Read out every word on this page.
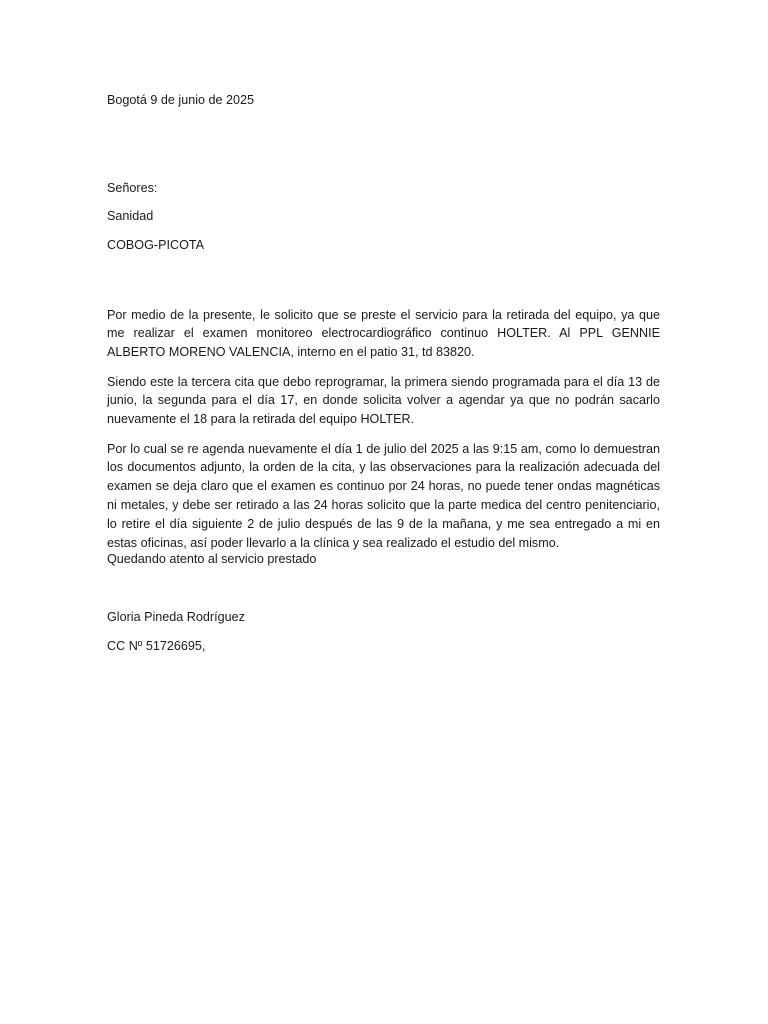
Bogotá 9 de junio de 2025
Señores:
Sanidad
COBOG-PICOTA

Por medio de la presente, le solicito que se preste el servicio para la retirada del equipo, ya que me realizar el examen monitoreo electrocardiográfico continuo HOLTER. Al PPL GENNIE ALBERTO MORENO VALENCIA, interno en el patio 31, td 83820.

Siendo este la tercera cita que debo reprogramar, la primera siendo programada para el día 13 de junio, la segunda para el día 17, en donde solicita volver a agendar ya que no podrán sacarlo nuevamente el 18 para la retirada del equipo HOLTER.

Por lo cual se re agenda nuevamente el día 1 de julio del 2025 a las 9:15 am, como lo demuestran los documentos adjunto, la orden de la cita, y las observaciones para la realización adecuada del examen se deja claro que el examen es continuo por 24 horas, no puede tener ondas magnéticas ni metales, y debe ser retirado a las 24 horas solicito que la parte medica del centro penitenciario, lo retire el día siguiente 2 de julio después de las 9 de la mañana, y me sea entregado a mi en estas oficinas, así poder llevarlo a la clínica y sea realizado el estudio del mismo.

Quedando atento al servicio prestado
Gloria Pineda Rodríguez
CC Nº 51726695,
